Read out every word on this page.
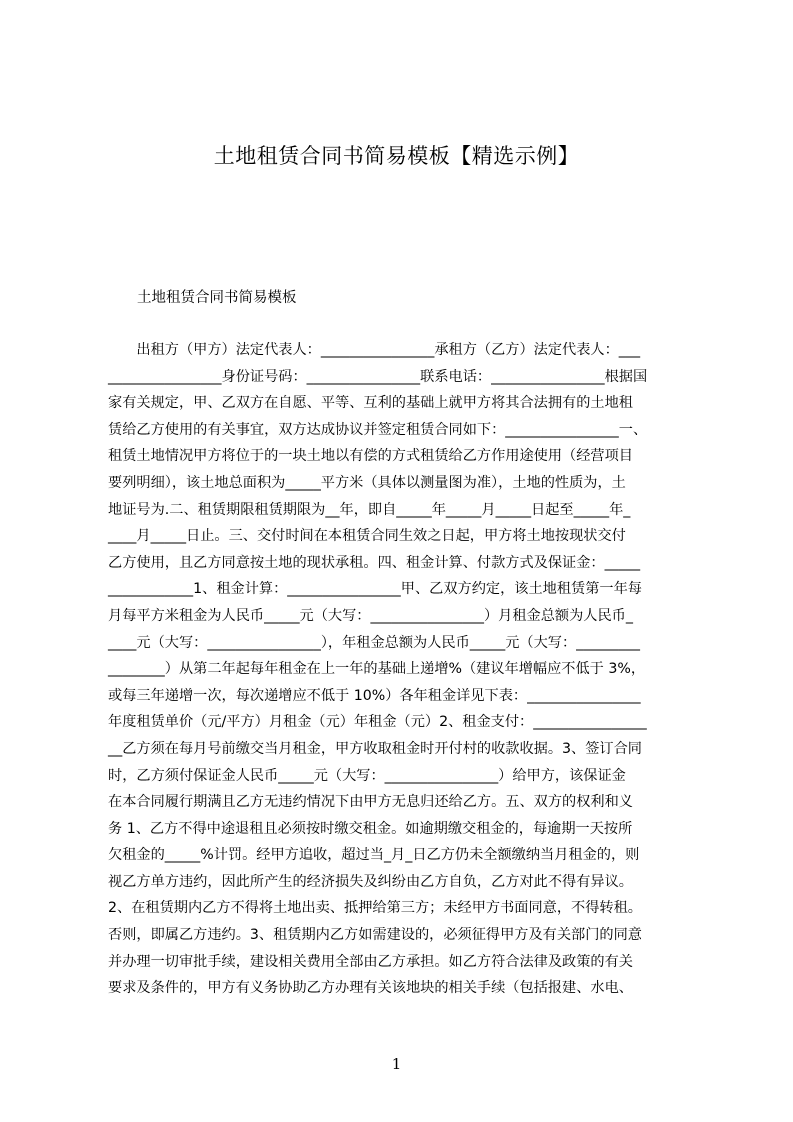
土地租赁合同书简易模板【精选示例】
土地租赁合同书简易模板
　　出租方（甲方）法定代表人：________________承租方（乙方）法定代表人：___
________________身份证号码：________________联系电话：________________根据国
家有关规定，甲、乙双方在自愿、平等、互利的基础上就甲方将其合法拥有的土地租
赁给乙方使用的有关事宜，双方达成协议并签定租赁合同如下：________________一、
租赁土地情况甲方将位于的一块土地以有偿的方式租赁给乙方作用途使用（经营项目
要列明细），该土地总面积为_____平方米（具体以测量图为准），土地的性质为，土
地证号为.二、租赁期限租赁期限为__年，即自_____年_____月_____日起至_____年_
____月_____日止。三、交付时间在本租赁合同生效之日起，甲方将土地按现状交付
乙方使用，且乙方同意按土地的现状承租。四、租金计算、付款方式及保证金：_____
____________1、租金计算：________________甲、乙双方约定，该土地租赁第一年每
月每平方米租金为人民币_____元（大写：________________）月租金总额为人民币_
____元（大写：________________），年租金总额为人民币_____元（大写：_________
________）从第二年起每年租金在上一年的基础上递增%（建议年增幅应不低于 3%，
或每三年递增一次，每次递增应不低于 10%）各年租金详见下表：________________
年度租赁单价（元/平方）月租金（元）年租金（元）2、租金支付：________________
__乙方须在每月号前缴交当月租金，甲方收取租金时开付村的收款收据。3、签订合同
时，乙方须付保证金人民币_____元（大写：________________）给甲方，该保证金
在本合同履行期满且乙方无违约情况下由甲方无息归还给乙方。五、双方的权利和义
务 1、乙方不得中途退租且必须按时缴交租金。如逾期缴交租金的，每逾期一天按所
欠租金的_____%计罚。经甲方追收，超过当_月_日乙方仍未全额缴纳当月租金的，则
视乙方单方违约，因此所产生的经济损失及纠纷由乙方自负，乙方对此不得有异议。
2、在租赁期内乙方不得将土地出卖、抵押给第三方；未经甲方书面同意，不得转租。
否则，即属乙方违约。3、租赁期内乙方如需建设的，必须征得甲方及有关部门的同意
并办理一切审批手续，建设相关费用全部由乙方承担。如乙方符合法律及政策的有关
要求及条件的，甲方有义务协助乙方办理有关该地块的相关手续（包括报建、水电、
1
